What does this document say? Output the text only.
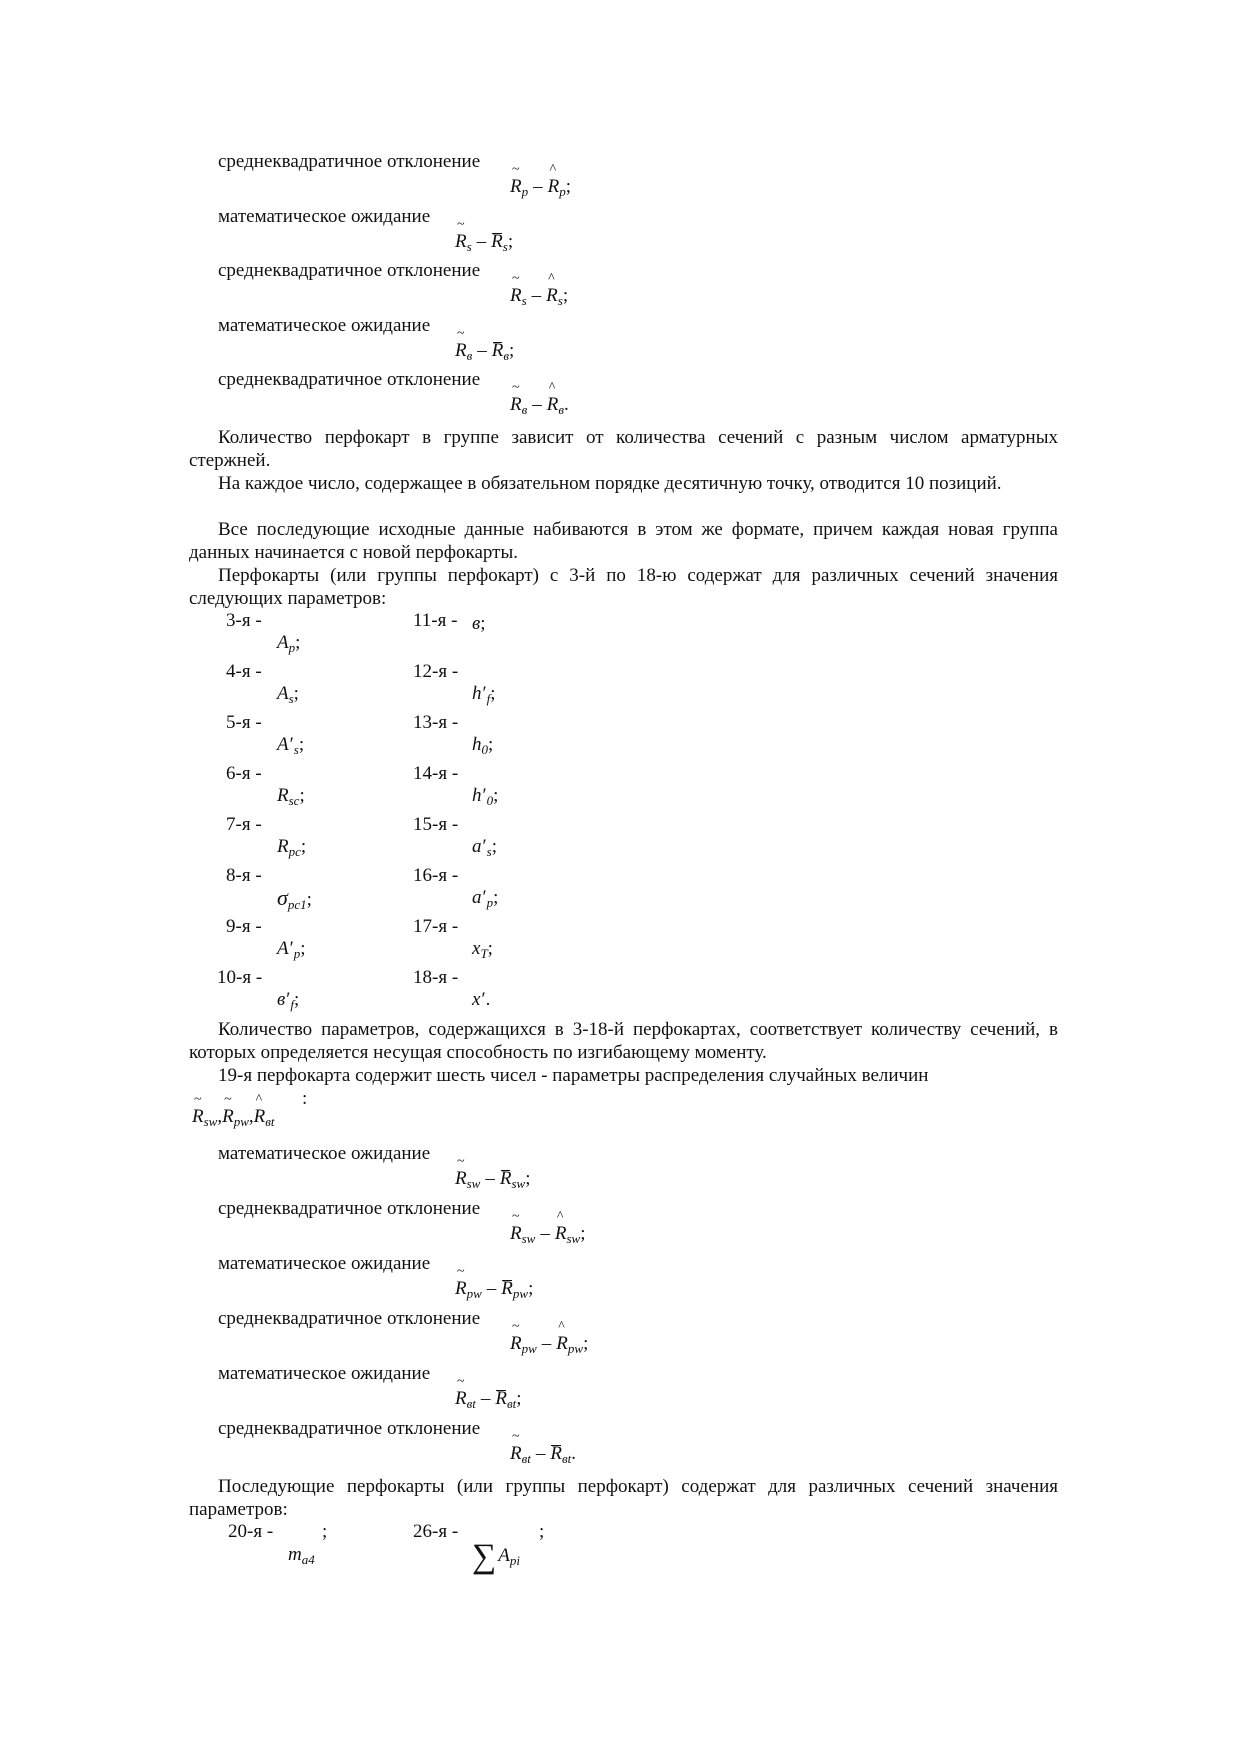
среднеквадратичное отклонение ~
$R_p$ –
^
$R_p$;
математическое ожидание ~
$R_s - R_s$;
среднеквадратичное отклонение ~
$R_s$ –
^
$R_s$;
математическое ожидание ~
$R_в - R_в$;
среднеквадратичное отклонение ~
$R_в$ –
^
$R_в$.
Количество перфокарт в группе зависит от количества сечений с разным числом арматурных стержней.
На каждое число, содержащее в обязательном порядке десятичную точку, отводится 10 позиций.
Все последующие исходные данные набиваются в этом же формате, причем каждая новая группа данных начинается с новой перфокарты.
Перфокарты (или группы перфокарт) с 3-й по 18-ю содержат для различных сечений значения следующих параметров:
3-я -
$A_p$;
4-я -
$A_s$;
5-я -
$A'_s$;
6-я -
$R_{sc}$;
7-я -
$R_{pc}$;
8-я -
$\sigma_{pc1}$;
9-я -
$A'_p$;
10-я -
$в'_f$;
11-я - в;
12-я -
$h'_f$;
13-я -
$h_0$;
14-я -
$h'_0$;
15-я -
$a'_s$;
16-я -
$a'_p$;
17-я -
$x_T$;
18-я -
x′.
Количество параметров, содержащихся в 3-18-й перфокартах, соответствует количеству сечений, в которых определяется несущая способность по изгибающему моменту.
19-я перфокарта содержит шесть чисел - параметры распределения случайных величин
:
~
$R_{sw}$,
~
$R_{pw}$,
^
$R_{вt}$
математическое ожидание ~
$R_{sw} - R_{sw}$;
среднеквадратичное отклонение ~
$R_{sw}$ –
^
$R_{sw}$;
математическое ожидание ~
$R_{pw} - R_{pw}$;
среднеквадратичное отклонение ~
$R_{pw}$ –
^
$R_{pw}$;
математическое ожидание ~
$R_{вt} - R_{вt}$;
среднеквадратичное отклонение ~
$R_{вt} - R_{вt}$.
Последующие перфокарты (или группы перфокарт) содержат для различных сечений значения параметров:
20-я -
$m_{a4}$
;	26-я -
∑ $A_{pi}$
;
